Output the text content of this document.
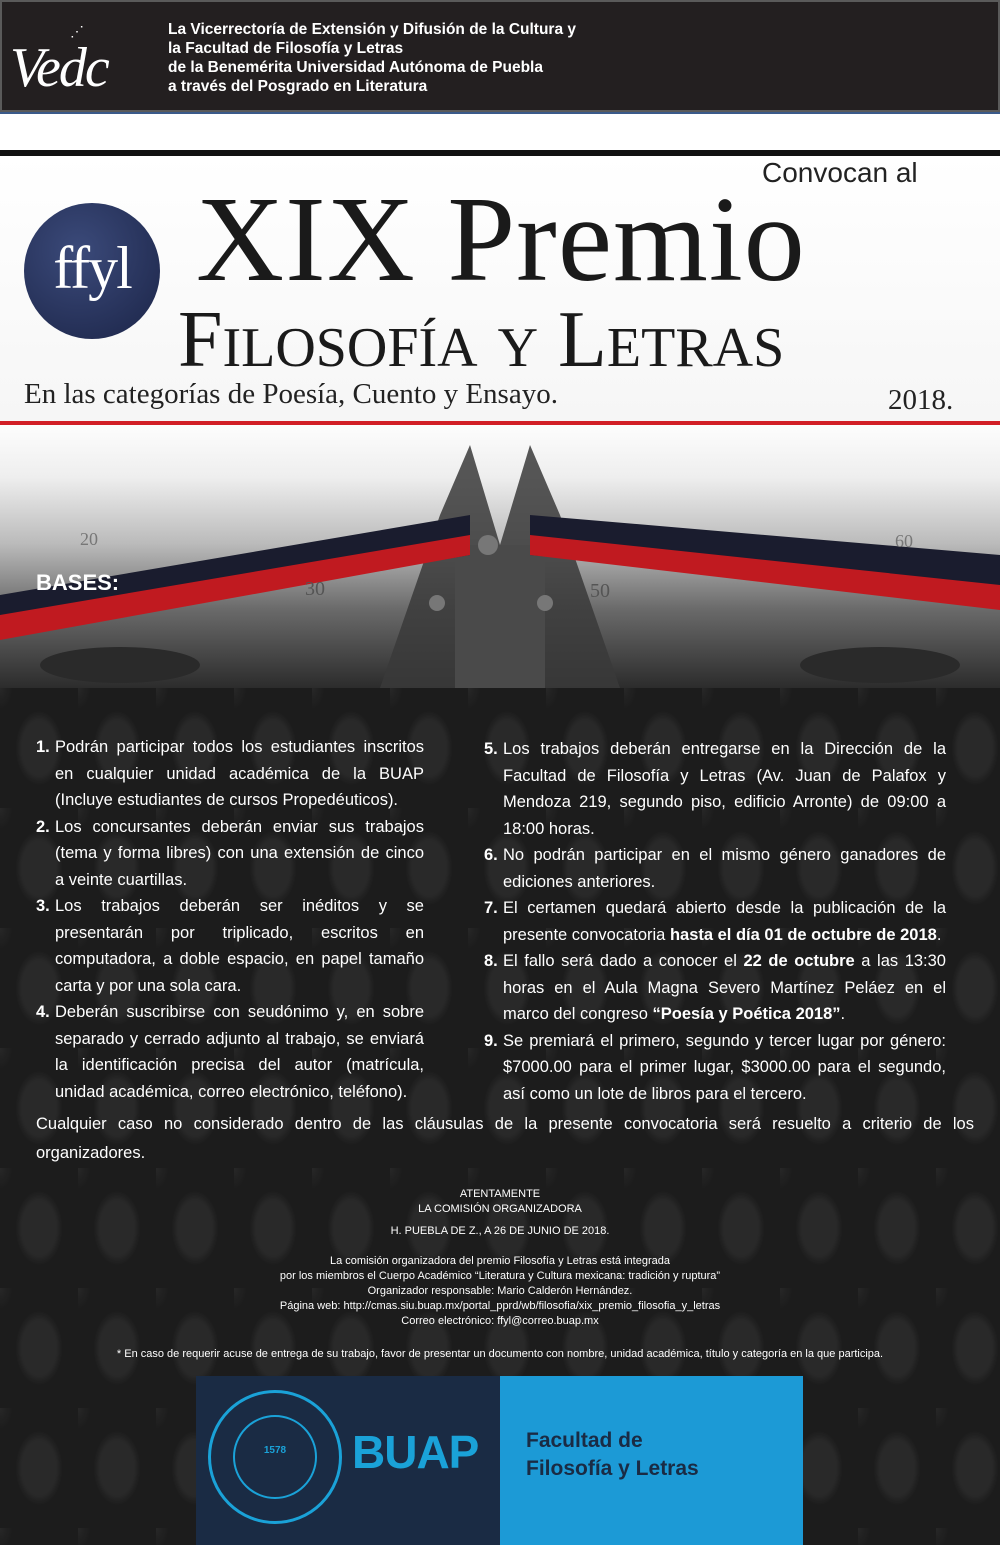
Vedc
⋰	La Vicerrectoría de Extensión y Difusión de la Cultura y
la Facultad de Filosofía y Letras
de la Benemérita Universidad Autónoma de Puebla
a través del Posgrado en Literatura
Convocan al
ffyl XIX Premio
Filosofía y Letras
En las categorías de Poesía, Cuento y Ensayo.	2018.
30	50
20	60
BASES:
1. Podrán participar todos los estudiantes inscritos en cualquier unidad académica de la BUAP (Incluye estudiantes de cursos Propedéuticos).
2. Los concursantes deberán enviar sus trabajos (tema y forma libres) con una extensión de cinco a veinte cuartillas.
3. Los trabajos deberán ser inéditos y se presentarán por triplicado, escritos en computadora, a doble espacio, en papel tamaño carta y por una sola cara.
4. Deberán suscribirse con seudónimo y, en sobre separado y cerrado adjunto al trabajo, se enviará la identificación precisa del autor (matrícula, unidad académica, correo electrónico, teléfono).
5. Los trabajos deberán entregarse en la Dirección de la Facultad de Filosofía y Letras (Av. Juan de Palafox y Mendoza 219, segundo piso, edificio Arronte) de 09:00 a 18:00 horas.
6. No podrán participar en el mismo género ganadores de ediciones anteriores.
7. El certamen quedará abierto desde la publicación de la presente convocatoria hasta el día 01 de octubre de 2018.
8. El fallo será dado a conocer el 22 de octubre a las 13:30 horas en el Aula Magna Severo Martínez Peláez en el marco del congreso “Poesía y Poética 2018”.
9. Se premiará el primero, segundo y tercer lugar por género: $7000.00 para el primer lugar, $3000.00 para el segundo, así como un lote de libros para el tercero.
Cualquier caso no considerado dentro de las cláusulas de la presente convocatoria será resuelto a criterio de los organizadores.
ATENTAMENTE
LA COMISIÓN ORGANIZADORA
H. PUEBLA DE Z., A 26 DE JUNIO DE 2018.
La comisión organizadora del premio Filosofía y Letras está integrada
por los miembros el Cuerpo Académico “Literatura y Cultura mexicana: tradición y ruptura”
Organizador responsable: Mario Calderón Hernández.
Página web: http://cmas.siu.buap.mx/portal_pprd/wb/filosofia/xix_premio_filosofia_y_letras
Correo electrónico: ffyl@correo.buap.mx
* En caso de requerir acuse de entrega de su trabajo, favor de presentar un documento con nombre, unidad académica, título y categoría en la que participa.
1578	BUAP Facultad de
Filosofía y Letras
